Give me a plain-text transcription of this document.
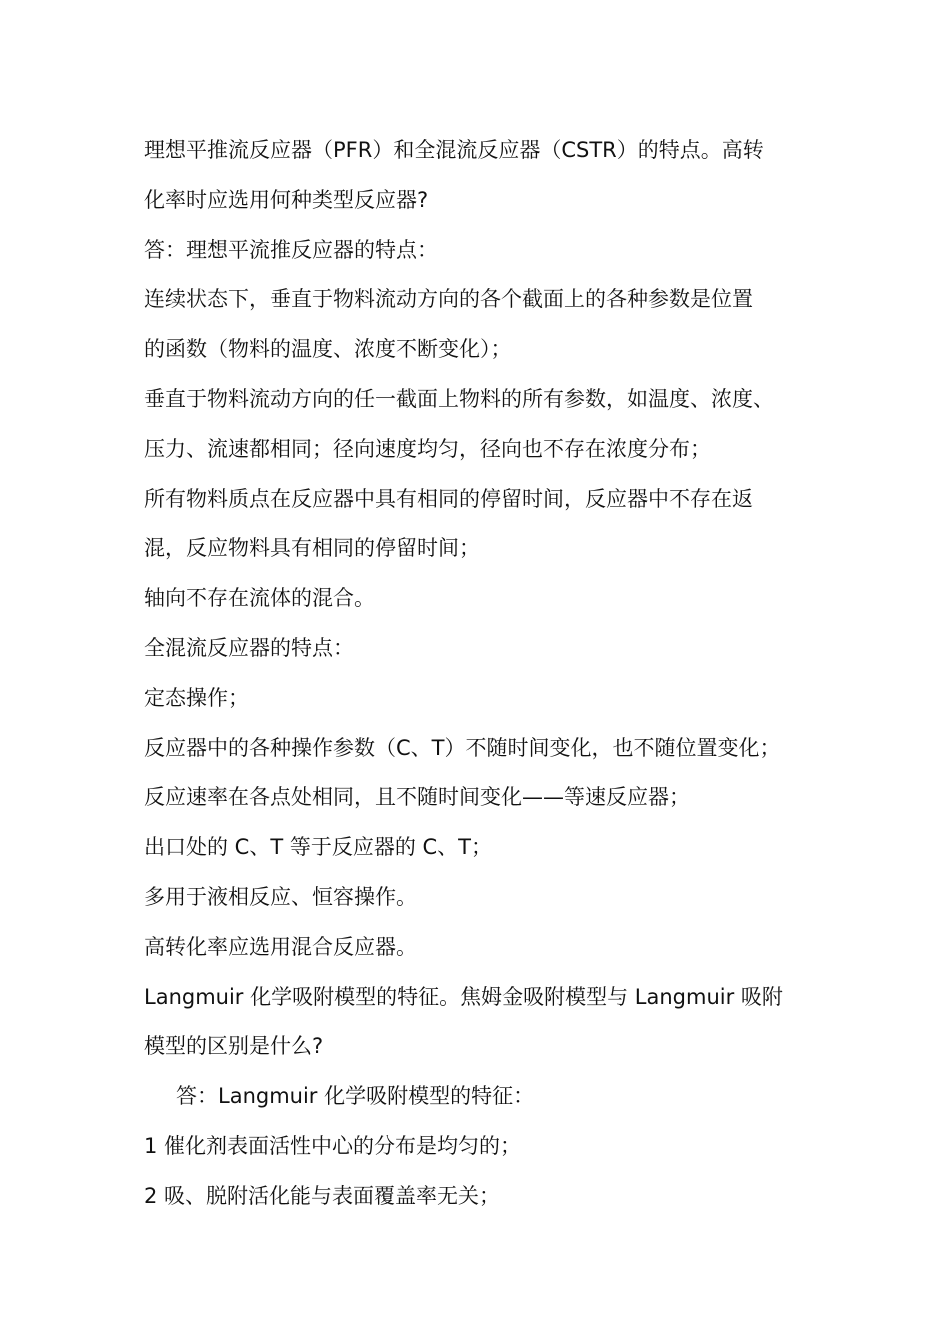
理想平推流反应器（PFR）和全混流反应器（CSTR）的特点。高转
化率时应选用何种类型反应器?
答：理想平流推反应器的特点：
连续状态下，垂直于物料流动方向的各个截面上的各种参数是位置
的函数（物料的温度、浓度不断变化）；
垂直于物料流动方向的任一截面上物料的所有参数，如温度、浓度、
压力、流速都相同；径向速度均匀，径向也不存在浓度分布；
所有物料质点在反应器中具有相同的停留时间，反应器中不存在返
混，反应物料具有相同的停留时间；
轴向不存在流体的混合。
全混流反应器的特点：
定态操作；
反应器中的各种操作参数（C、T）不随时间变化，也不随位置变化；
反应速率在各点处相同，且不随时间变化——等速反应器；
出口处的 C、T 等于反应器的 C、T；
多用于液相反应、恒容操作。
高转化率应选用混合反应器。
Langmuir 化学吸附模型的特征。焦姆金吸附模型与 Langmuir 吸附
模型的区别是什么?
答：Langmuir 化学吸附模型的特征：
1 催化剂表面活性中心的分布是均匀的；
2 吸、脱附活化能与表面覆盖率无关；
